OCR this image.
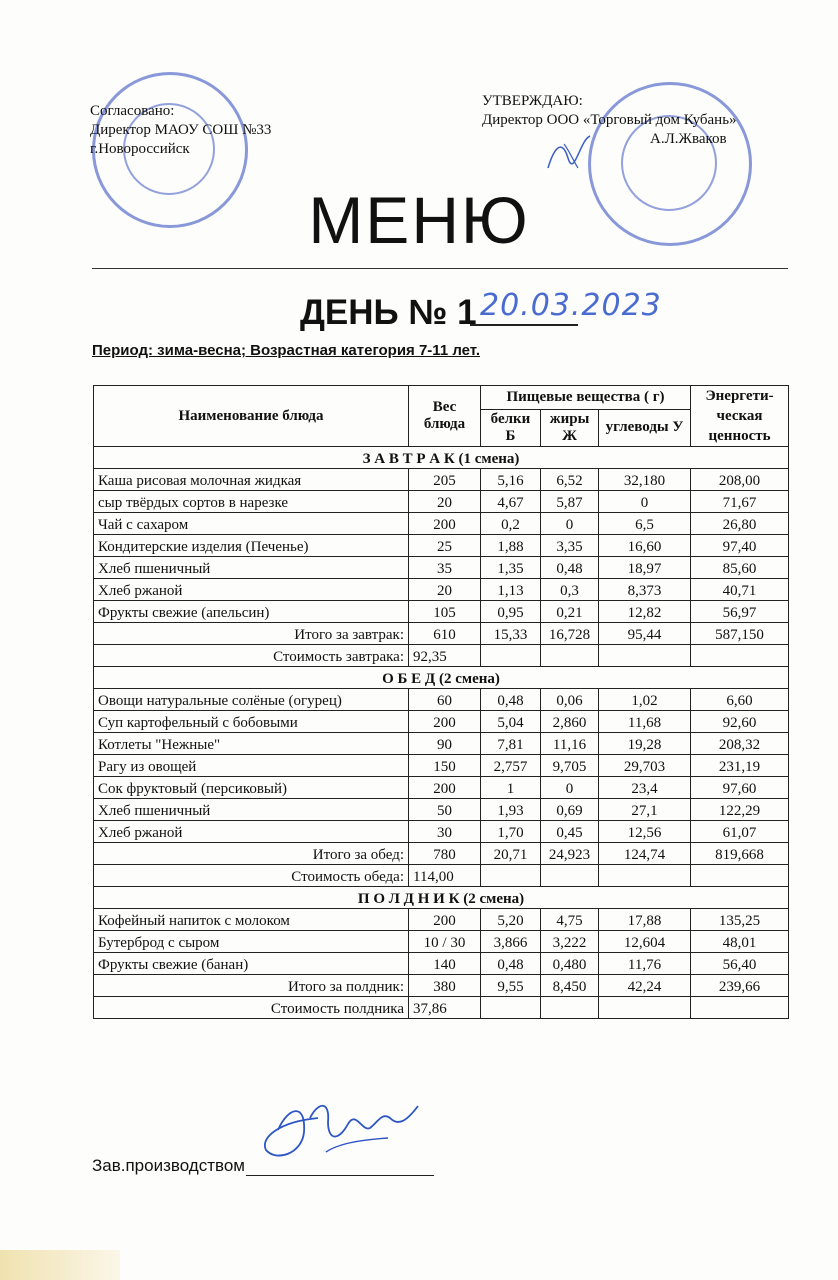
Согласовано:
Директор МАОУ СОШ №33
г.Новороссийск
УТВЕРЖДАЮ:
Директор ООО «Торговый дом Кубань»
А.Л.Жваков
МЕНЮ
ДЕНЬ № 1 20.03.2023
Период: зима-весна; Возрастная категория 7-11 лет.
Наименование блюда	Вес блюда	Пищевые вещества ( г)			Энергети-ческая ценность
		белки Б	жиры Ж	углеводы У	
З А В Т Р А К (1 смена)					
Каша рисовая молочная жидкая	205	5,16	6,52	32,180	208,00
сыр твёрдых сортов в нарезке	20	4,67	5,87	0	71,67
Чай с сахаром	200	0,2	0	6,5	26,80
Кондитерские изделия (Печенье)	25	1,88	3,35	16,60	97,40
Хлеб пшеничный	35	1,35	0,48	18,97	85,60
Хлеб ржаной	20	1,13	0,3	8,373	40,71
Фрукты свежие (апельсин)	105	0,95	0,21	12,82	56,97
Итого за завтрак:	610	15,33	16,728	95,44	587,150
Стоимость завтрака:	92,35				
О Б Е Д (2 смена)					
Овощи натуральные солёные (огурец)	60	0,48	0,06	1,02	6,60
Суп картофельный с бобовыми	200	5,04	2,860	11,68	92,60
Котлеты "Нежные"	90	7,81	11,16	19,28	208,32
Рагу из овощей	150	2,757	9,705	29,703	231,19
Сок фруктовый (персиковый)	200	1	0	23,4	97,60
Хлеб пшеничный	50	1,93	0,69	27,1	122,29
Хлеб ржаной	30	1,70	0,45	12,56	61,07
Итого за обед:	780	20,71	24,923	124,74	819,668
Стоимость обеда:	114,00				
П О Л Д Н И К (2 смена)					
Кофейный напиток с молоком	200	5,20	4,75	17,88	135,25
Бутерброд с сыром	10 / 30	3,866	3,222	12,604	48,01
Фрукты свежие (банан)	140	0,48	0,480	11,76	56,40
Итого за полдник:	380	9,55	8,450	42,24	239,66
Стоимость полдника	37,86				
Зав.производством
